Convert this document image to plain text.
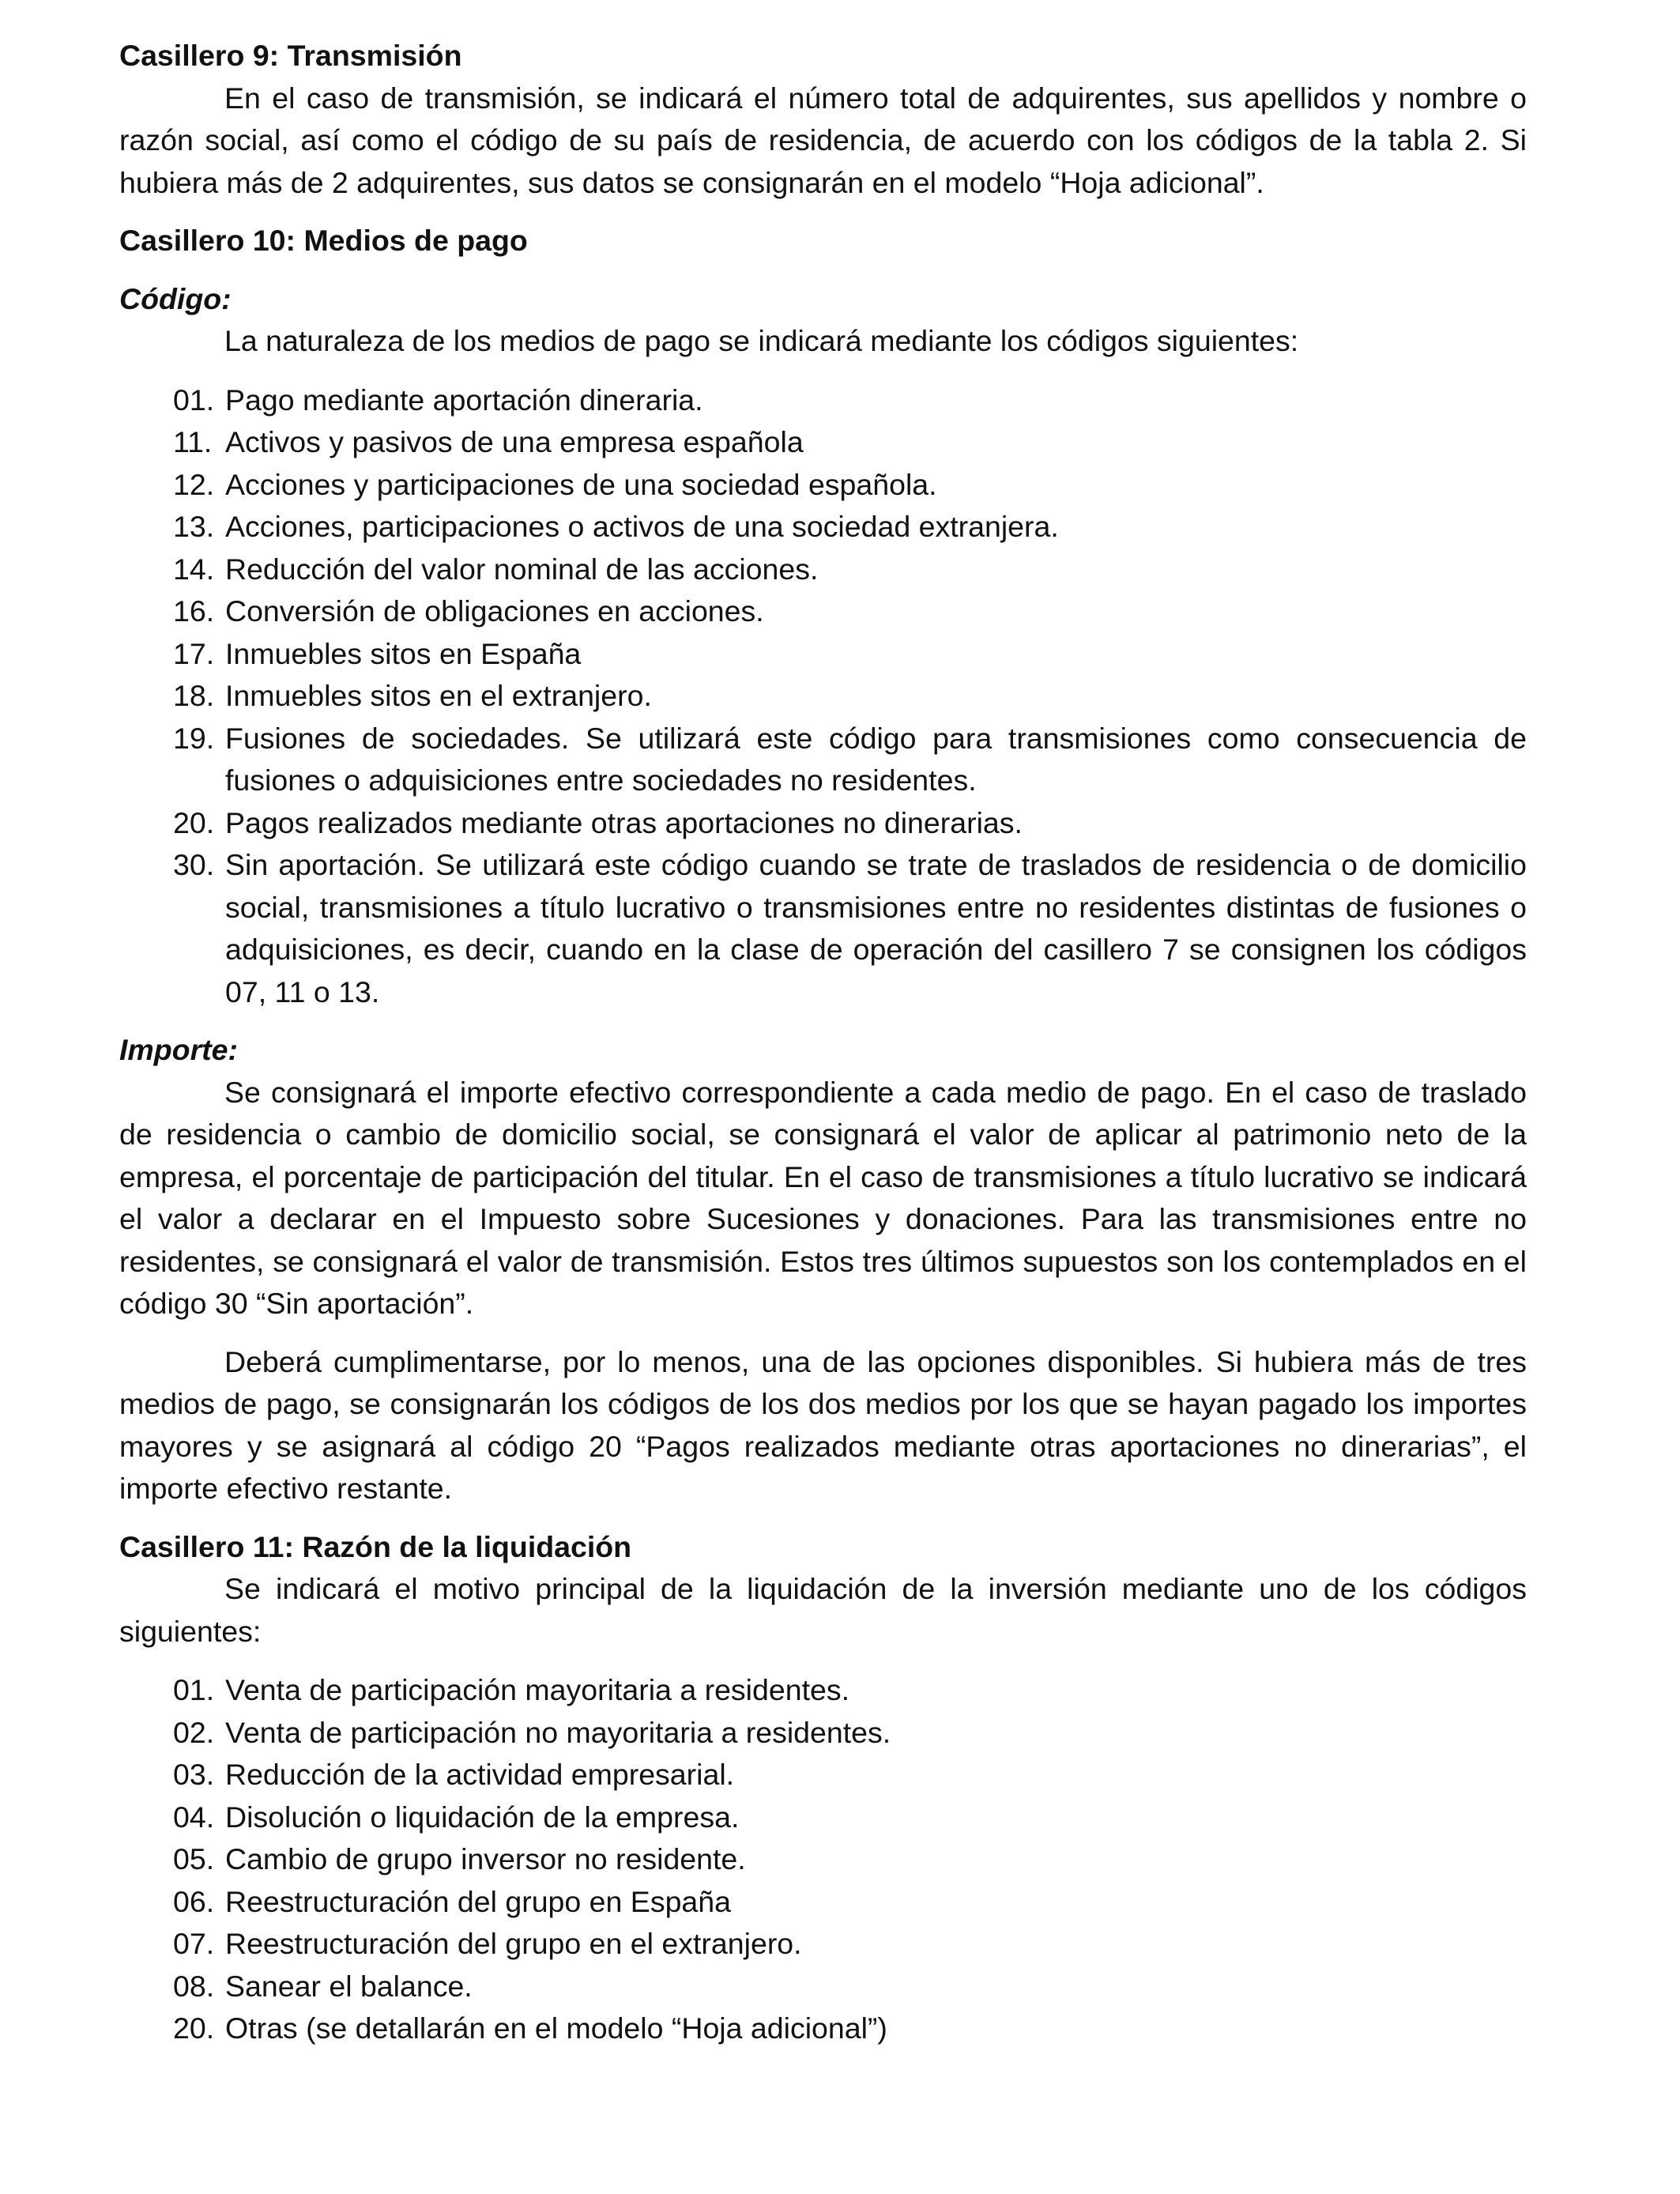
Casillero 9: Transmisión

En el caso de transmisión, se indicará el número total de adquirentes, sus apellidos y nombre o razón social, así como el código de su país de residencia, de acuerdo con los códigos de la tabla 2. Si hubiera más de 2 adquirentes, sus datos se consignarán en el modelo “Hoja adicional”.

Casillero 10: Medios de pago
Código:

La naturaleza de los medios de pago se indicará mediante los códigos siguientes:

01. Pago mediante aportación dineraria.
11. Activos y pasivos de una empresa española
12. Acciones y participaciones de una sociedad española.
13. Acciones, participaciones o activos de una sociedad extranjera.
14. Reducción del valor nominal de las acciones.
16. Conversión de obligaciones en acciones.
17. Inmuebles sitos en España
18. Inmuebles sitos en el extranjero.
19. Fusiones de sociedades. Se utilizará este código para transmisiones como consecuencia de fusiones o adquisiciones entre sociedades no residentes.
20. Pagos realizados mediante otras aportaciones no dinerarias.
30. Sin aportación. Se utilizará este código cuando se trate de traslados de residencia o de domicilio social, transmisiones a título lucrativo o transmisiones entre no residentes distintas de fusiones o adquisiciones, es decir, cuando en la clase de operación del casillero 7 se consignen los códigos 07, 11 o 13.
Importe:

Se consignará el importe efectivo correspondiente a cada medio de pago. En el caso de traslado de residencia o cambio de domicilio social, se consignará el valor de aplicar al patrimonio neto de la empresa, el porcentaje de participación del titular. En el caso de transmisiones a título lucrativo se indicará el valor a declarar en el Impuesto sobre Sucesiones y donaciones. Para las transmisiones entre no residentes, se consignará el valor de transmisión. Estos tres últimos supuestos son los contemplados en el código 30 “Sin aportación”.

Deberá cumplimentarse, por lo menos, una de las opciones disponibles. Si hubiera más de tres medios de pago, se consignarán los códigos de los dos medios por los que se hayan pagado los importes mayores y se asignará al código 20 “Pagos realizados mediante otras aportaciones no dinerarias”, el importe efectivo restante.

Casillero 11: Razón de la liquidación

Se indicará el motivo principal de la liquidación de la inversión mediante uno de los códigos siguientes:

01. Venta de participación mayoritaria a residentes.
02. Venta de participación no mayoritaria a residentes.
03. Reducción de la actividad empresarial.
04. Disolución o liquidación de la empresa.
05. Cambio de grupo inversor no residente.
06. Reestructuración del grupo en España
07. Reestructuración del grupo en el extranjero.
08. Sanear el balance.
20. Otras (se detallarán en el modelo “Hoja adicional”)
